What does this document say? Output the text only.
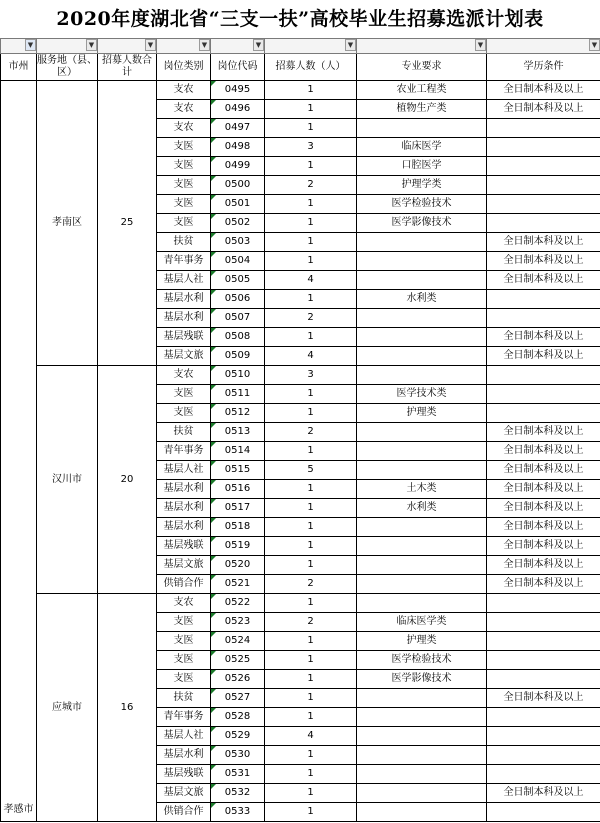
2020年度湖北省“三支一扶”高校毕业生招募选派计划表
▼	▼	▼	▼	▼	▼	▼	▼

市州	服务地（县、区）	招募人数合计	岗位类别	岗位代码	招募人数（人）	专业要求	学历条件

孝感市	孝南区	25	支农	0495	1	农业工程类	全日制本科及以上
			支农	0496	1	植物生产类	全日制本科及以上
			支农	0497	1		
			支医	0498	3	临床医学	
			支医	0499	1	口腔医学	
			支医	0500	2	护理学类	
			支医	0501	1	医学检验技术	
			支医	0502	1	医学影像技术	
			扶贫	0503	1		全日制本科及以上
			青年事务	0504	1		全日制本科及以上
			基层人社	0505	4		全日制本科及以上
			基层水利	0506	1	水利类	
			基层水利	0507	2		
			基层残联	0508	1		全日制本科及以上
			基层文旅	0509	4		全日制本科及以上
	汉川市	20	支农	0510	3		
			支医	0511	1	医学技术类	
			支医	0512	1	护理类	
			扶贫	0513	2		全日制本科及以上
			青年事务	0514	1		全日制本科及以上
			基层人社	0515	5		全日制本科及以上
			基层水利	0516	1	土木类	全日制本科及以上
			基层水利	0517	1	水利类	全日制本科及以上
			基层水利	0518	1		全日制本科及以上
			基层残联	0519	1		全日制本科及以上
			基层文旅	0520	1		全日制本科及以上
			供销合作	0521	2		全日制本科及以上
	应城市	16	支农	0522	1		
			支医	0523	2	临床医学类	
			支医	0524	1	护理类	
			支医	0525	1	医学检验技术	
			支医	0526	1	医学影像技术	
			扶贫	0527	1		全日制本科及以上
			青年事务	0528	1		
			基层人社	0529	4		
			基层水利	0530	1		
			基层残联	0531	1		
			基层文旅	0532	1		全日制本科及以上
			供销合作	0533	1		
